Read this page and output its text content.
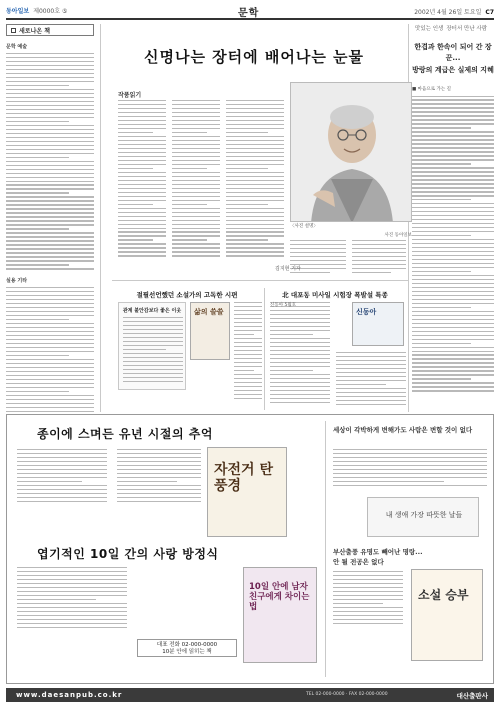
동아일보 제0000호 ⑤	문학	2002년 4월 26일 토요일 C7
새로나온 책
문학 예술
실용 기타
신명나는 장터에 배어나는 눈물
작품읽기
〈사진 설명〉
사진 동아일보
김지현 기자
맛있는 인생 장터서 만난 사람
한겹과 한속이 되어 간 장꾼...
방랑의 계급은 실제의 지혜
■ 마음으로 가는 길
절필선언했던 소설가의 고독한 시편	北 대포동 미사일 시험장 폭발설 특종
관계 불안감보다 좋은 이웃	삶의 쓸쓸	신동아
신동아 5월호
종이에 스며든 유년 시절의 추억
자전거 탄 풍경
엽기적인 10일 간의 사랑 방정식
10일 안에 남자친구에게 차이는 법
대표 전화 02-000-0000
10분 안에 읽히는 책
세상이 각박하게 변해가도 사람은 변할 것이 없다
내 생애 가장 따뜻한 날들
부산출풍 유명도 빼어난 명랑...
안 될 전공은 없다
소설 승부
www.daesanpub.co.kr	TEL 02-000-0000 · FAX 02-000-0000	대산출판사
